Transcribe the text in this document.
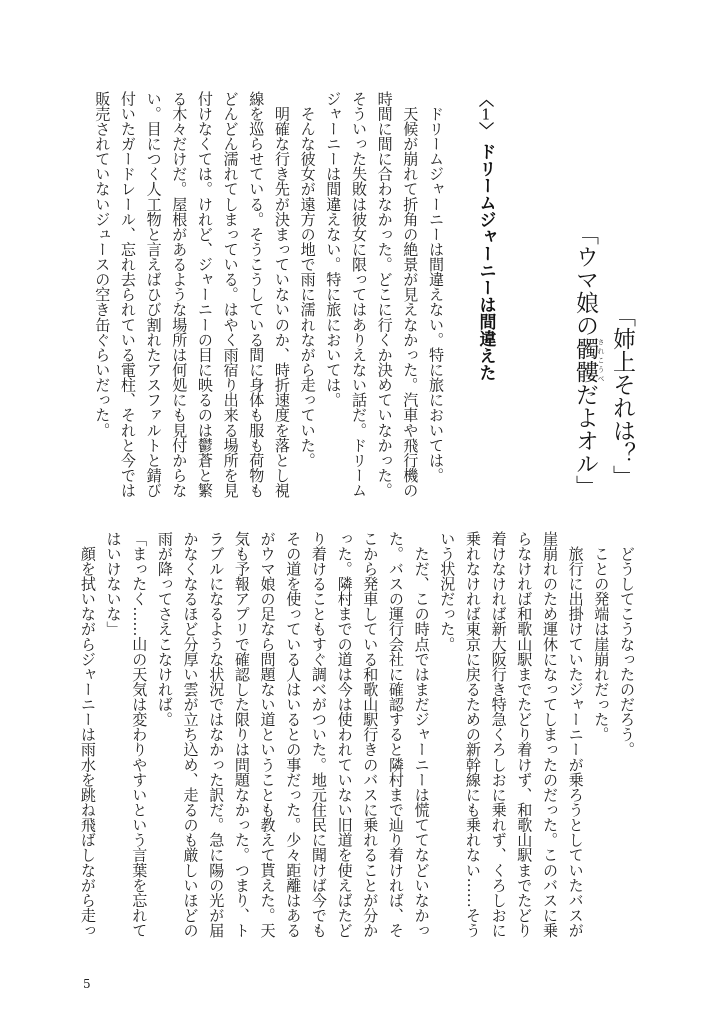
「姉上それは？」
「ウマ娘の髑髏 されこうべだよオル」
〈1〉
ドリームジャーニーは間違えた
　ドリームジャーニーは間違えない。特に旅においては。
　天候が崩れて折角の絶景が見えなかった。汽車や飛行機の
時間に間に合わなかった。どこに行くか決めていなかった。
そういった失敗は彼女に限ってはありえない話だ。ドリーム
ジャーニーは間違えない。特に旅においては。
　そんな彼女が遠方の地で雨に濡れながら走っていた。
　明確な行き先が決まっていないのか、時折速度を落とし視
線を巡らせている。そうこうしている間に身体も服も荷物も
どんどん濡れてしまっている。はやく雨宿り出来る場所を見
付けなくては。けれど、ジャーニーの目に映るのは鬱蒼と繁
る木々だけだ。屋根があるような場所は何処にも見付からな
い。目につく人工物と言えばひび割れたアスファルトと錆び
付いたガードレール、忘れ去られている電柱、それと今では
販売されていないジュースの空き缶ぐらいだった。
　どうしてこうなったのだろう。
　ことの発端は崖崩れだった。
　旅行に出掛けていたジャーニーが乗ろうとしていたバスが
崖崩れのため運休になってしまったのだった。このバスに乗
らなければ和歌山駅までたどり着けず、和歌山駅までたどり
着けなければ新大阪行き特急くろしおに乗れず、くろしおに
乗れなければ東京に戻るための新幹線にも乗れない……そう
いう状況だった。
　ただ、この時点ではまだジャーニーは慌ててなどいなかっ
た。バスの運行会社に確認すると隣村まで辿り着ければ、そ
こから発車している和歌山駅行きのバスに乗れることが分か
った。隣村までの道は今は使われていない旧道を使えばたど
り着けることもすぐ調べがついた。地元住民に聞けば今でも
その道を使っている人はいるとの事だった。少々距離はある
がウマ娘の足なら問題ない道ということも教えて貰えた。天
気も予報アプリで確認した限りは問題なかった。つまり、ト
ラブルになるような状況ではなかった訳だ。急に陽の光が届
かなくなるほど分厚い雲が立ち込め、走るのも厳しいほどの
雨が降ってさえこなければ。
「まったく……山の天気は変わりやすいという言葉を忘れて
はいけないな」
　顔を拭いながらジャーニーは雨水を跳ね飛ばしながら走っ
5
